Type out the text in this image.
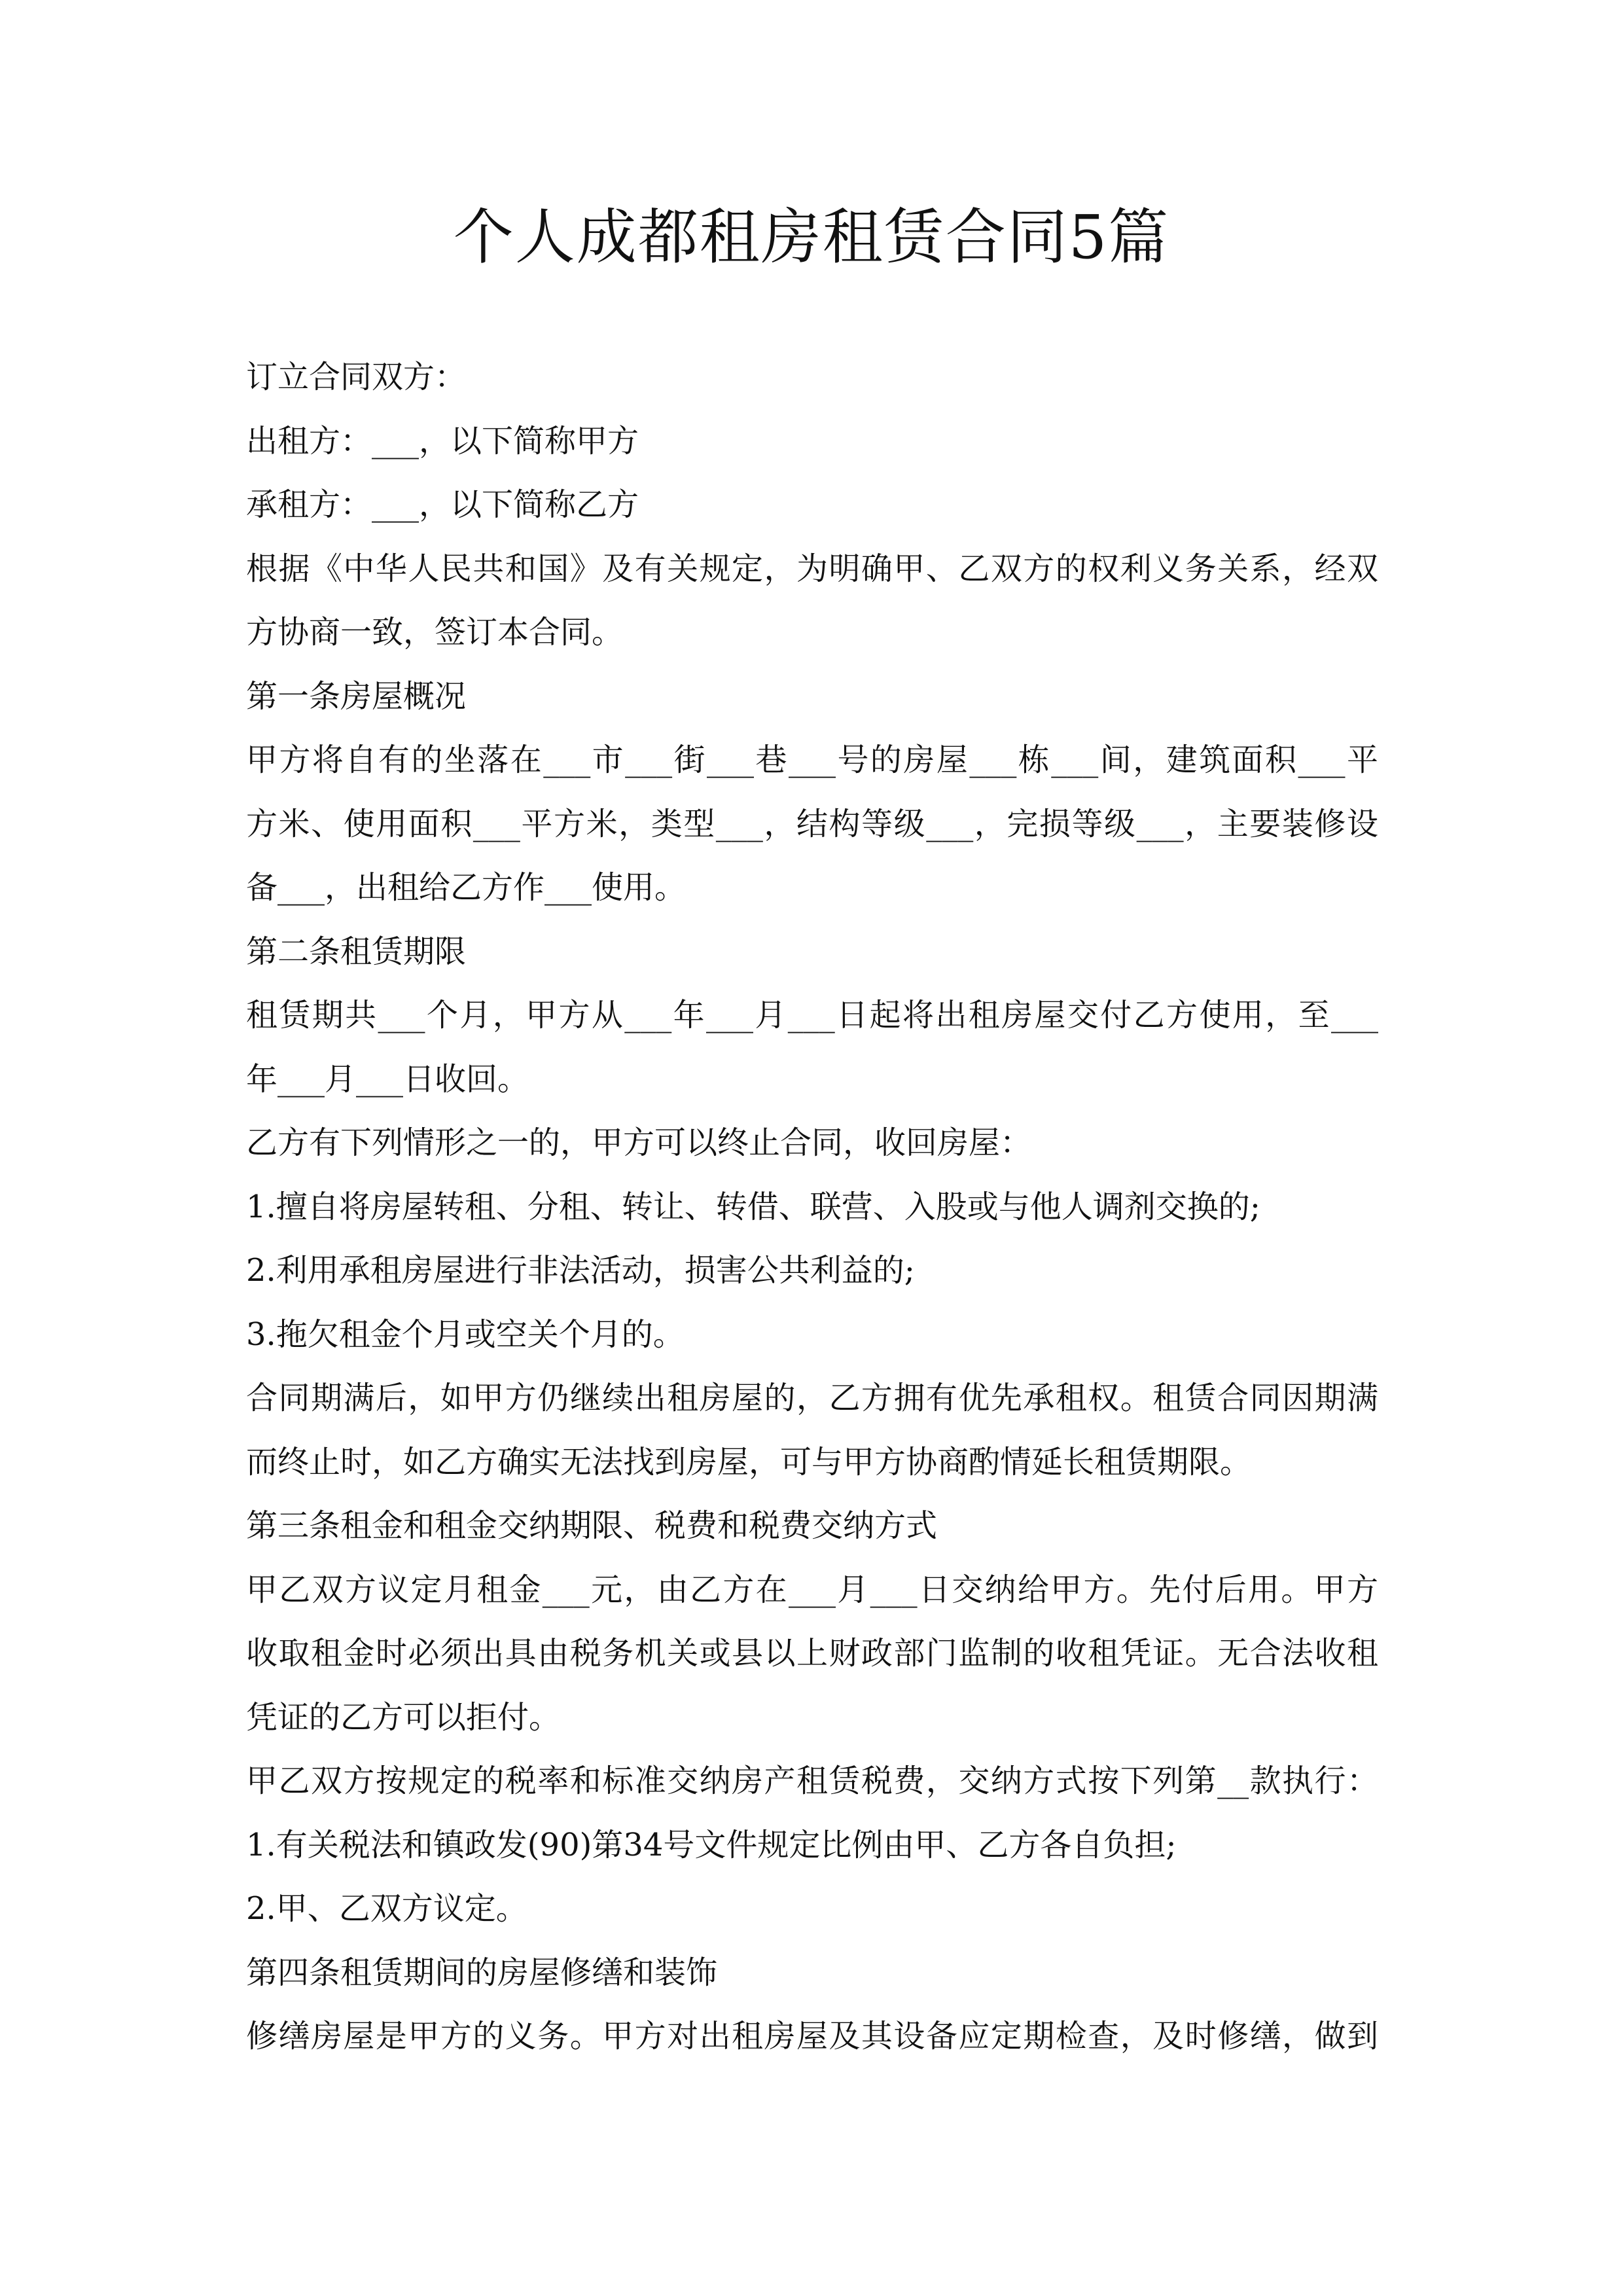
个人成都租房租赁合同5篇
订立合同双方：
出租方：___，以下简称甲方
承租方：___，以下简称乙方
根据《中华人民共和国》及有关规定，为明确甲、乙双方的权利义务关系，经双
方协商一致，签订本合同。
第一条房屋概况
甲方将自有的坐落在___市___街___巷___号的房屋___栋___间，建筑面积___平
方米、使用面积___平方米，类型___，结构等级___，完损等级___，主要装修设
备___，出租给乙方作___使用。
第二条租赁期限
租赁期共___个月，甲方从___年___月___日起将出租房屋交付乙方使用，至___
年___月___日收回。
乙方有下列情形之一的，甲方可以终止合同，收回房屋：
1.擅自将房屋转租、分租、转让、转借、联营、入股或与他人调剂交换的;
2.利用承租房屋进行非法活动，损害公共利益的;
3.拖欠租金个月或空关个月的。
合同期满后，如甲方仍继续出租房屋的，乙方拥有优先承租权。租赁合同因期满
而终止时，如乙方确实无法找到房屋，可与甲方协商酌情延长租赁期限。
第三条租金和租金交纳期限、税费和税费交纳方式
甲乙双方议定月租金___元，由乙方在___月___日交纳给甲方。先付后用。甲方
收取租金时必须出具由税务机关或县以上财政部门监制的收租凭证。无合法收租
凭证的乙方可以拒付。
甲乙双方按规定的税率和标准交纳房产租赁税费，交纳方式按下列第__款执行：
1.有关税法和镇政发(90)第34号文件规定比例由甲、乙方各自负担;
2.甲、乙双方议定。
第四条租赁期间的房屋修缮和装饰
修缮房屋是甲方的义务。甲方对出租房屋及其设备应定期检查，及时修缮，做到
